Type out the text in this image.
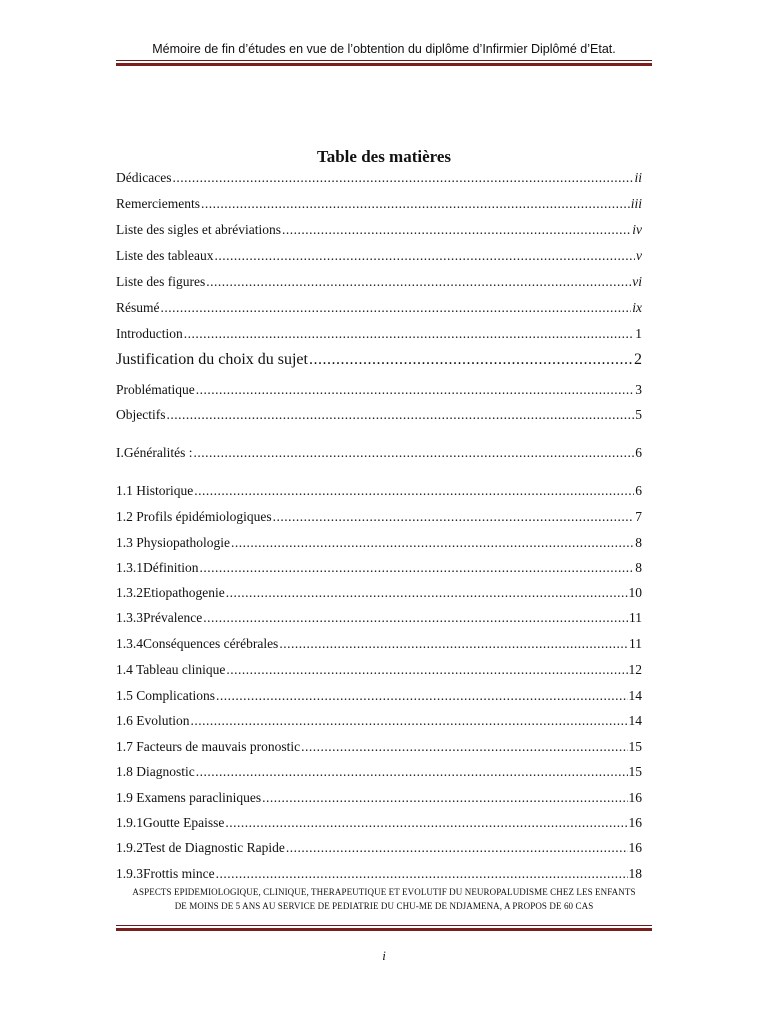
Mémoire de fin d’études en vue de l’obtention du diplôme d’Infirmier Diplômé d’Etat.
Table des matières
Dédicaces .....	ii
Remerciements .....	iii
Liste des sigles et abréviations .....	iv
Liste des tableaux .....	v
Liste des figures .....	vi
Résumé .....	ix
Introduction .....	1
Justification du choix du sujet .....	2
Problématique .....	3
Objectifs .....	5
I.Généralités : .....	6
1.1 Historique .....	6
1.2 Profils épidémiologiques .....	7
1.3 Physiopathologie .....	8
1.3.1 Définition .....	8
1.3.2 Etiopathogenie .....	10
1.3.3 Prévalence .....	11
1.3.4 Conséquences cérébrales .....	11
1.4 Tableau clinique .....	12
1.5 Complications .....	14
1.6 Evolution .....	14
1.7 Facteurs de mauvais pronostic .....	15
1.8 Diagnostic .....	15
1.9 Examens paracliniques .....	16
1.9.1 Goutte Epaisse .....	16
1.9.2 Test de Diagnostic Rapide .....	16
1.9.3 Frottis mince .....	18
ASPECTS EPIDEMIOLOGIQUE, CLINIQUE, THERAPEUTIQUE ET EVOLUTIF DU NEUROPALUDISME CHEZ LES ENFANTS
DE MOINS DE 5 ANS AU SERVICE DE PEDIATRIE DU CHU-ME DE NDJAMENA, A PROPOS DE 60 CAS
i
